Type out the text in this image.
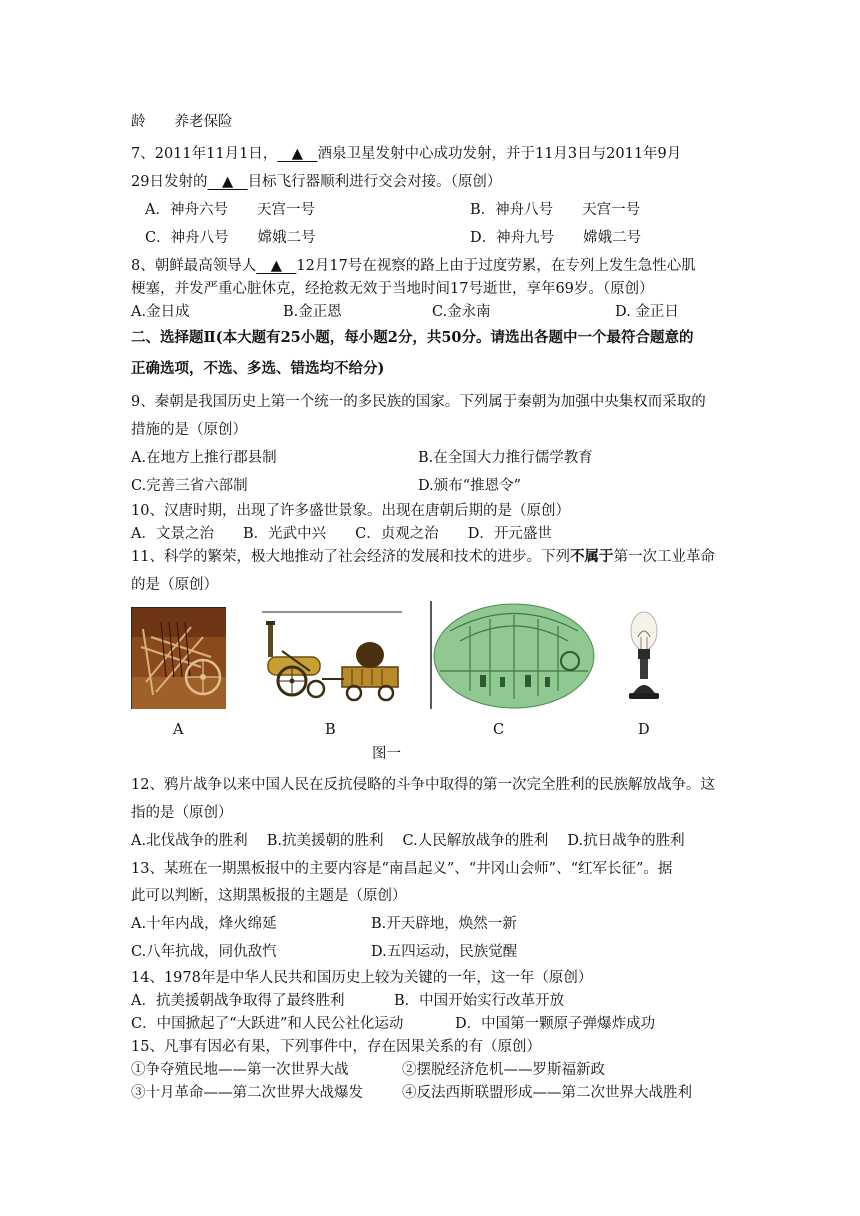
龄　　养老保险
7、2011年11月1日，　▲　酒泉卫星发射中心成功发射，并于11月3日与2011年9月
29日发射的　▲　目标飞行器顺利进行交会对接。（原创）
A．神舟六号　　天宫一号	B．神舟八号　　天宫一号
C．神舟八号　　嫦娥二号	D．神舟九号　　嫦娥二号
8、朝鲜最高领导人　▲　12月17号在视察的路上由于过度劳累，在专列上发生急性心肌
梗塞，并发严重心脏休克，经抢救无效于当地时间17号逝世，享年69岁。（原创）
A.金日成	B.金正恩	C.金永南	D. 金正日
二、选择题Ⅱ(本大题有25小题，每小题2分，共50分。请选出各题中一个最符合题意的
正确选项，不选、多选、错选均不给分)
9、秦朝是我国历史上第一个统一的多民族的国家。下列属于秦朝为加强中央集权而采取的
措施的是（原创）
A.在地方上推行郡县制	B.在全国大力推行儒学教育
C.完善三省六部制	D.颁布“推恩令”
10、汉唐时期，出现了许多盛世景象。出现在唐朝后期的是（原创）
A．文景之治　　B．光武中兴　　C．贞观之治　　D．开元盛世
11、科学的繁荣，极大地推动了社会经济的发展和技术的进步。下列不属于第一次工业革命
的是（原创）
A	B	C	D
图一
12、鸦片战争以来中国人民在反抗侵略的斗争中取得的第一次完全胜利的民族解放战争。这
指的是（原创）
A.北伐战争的胜利　 B.抗美援朝的胜利　 C.人民解放战争的胜利　 D.抗日战争的胜利
13、某班在一期黑板报中的主要内容是“南昌起义”、“井冈山会师”、“红军长征”。据
此可以判断，这期黑板报的主题是（原创）
A.十年内战，烽火绵延	B.开天辟地，焕然一新
C.八年抗战，同仇敌忾	D.五四运动，民族觉醒
14、1978年是中华人民共和国历史上较为关键的一年，这一年（原创）
A．抗美援朝战争取得了最终胜利	B．中国开始实行改革开放
C．中国掀起了“大跃进”和人民公社化运动	D．中国第一颗原子弹爆炸成功
15、凡事有因必有果，下列事件中，存在因果关系的有（原创）
①争夺殖民地——第一次世界大战	②摆脱经济危机——罗斯福新政
③十月革命——第二次世界大战爆发	④反法西斯联盟形成——第二次世界大战胜利
